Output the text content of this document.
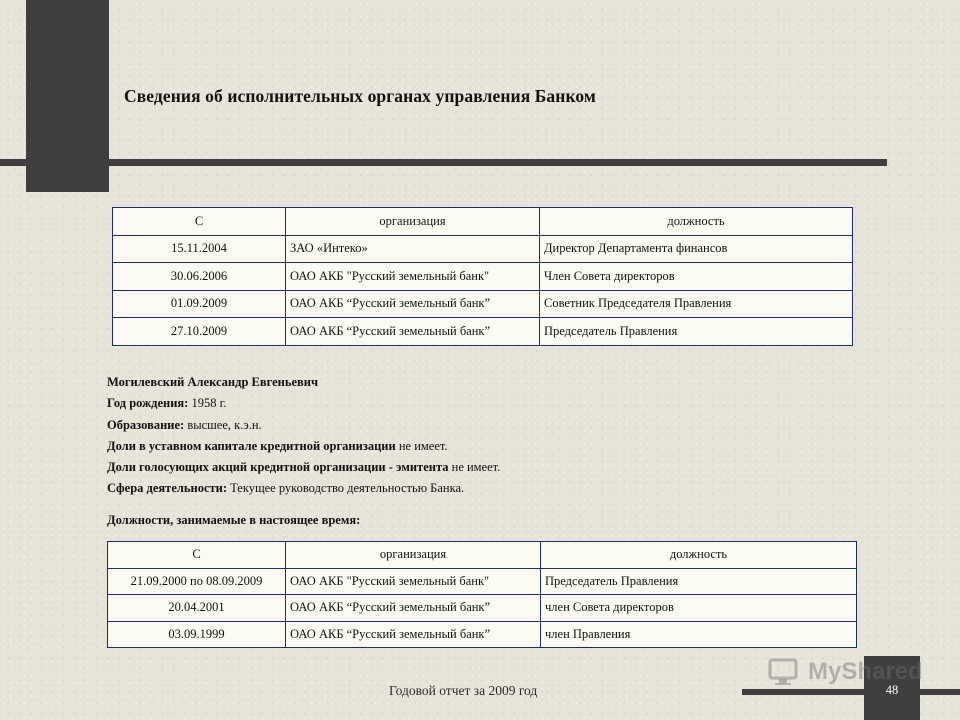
Сведения об исполнительных органах управления Банком
С	организация	должность
15.11.2004	ЗАО «Интеко»	Директор Департамента финансов
30.06.2006	ОАО АКБ "Русский земельный банк"	Член Совета директоров
01.09.2009	ОАО АКБ “Русский земельный банк”	Советник Председателя Правления
27.10.2009	ОАО АКБ “Русский земельный банк”	Председатель Правления

Могилевский Александр Евгеньевич

Год рождения: 1958 г.

Образование: высшее, к.э.н.

Доли в уставном капитале кредитной организации не имеет.

Доли голосующих акций кредитной организации - эмитента не имеет.

Сфера деятельности: Текущее руководство деятельностью Банка.

Должности, занимаемые в настоящее время:

С	организация	должность
21.09.2000 по 08.09.2009	ОАО АКБ "Русский земельный банк"	Председатель Правления
20.04.2001	ОАО АКБ “Русский земельный банк”	член Совета директоров
03.09.1999	ОАО АКБ “Русский земельный банк”	член Правления
Годовой отчет за 2009 год
MyShared
48
